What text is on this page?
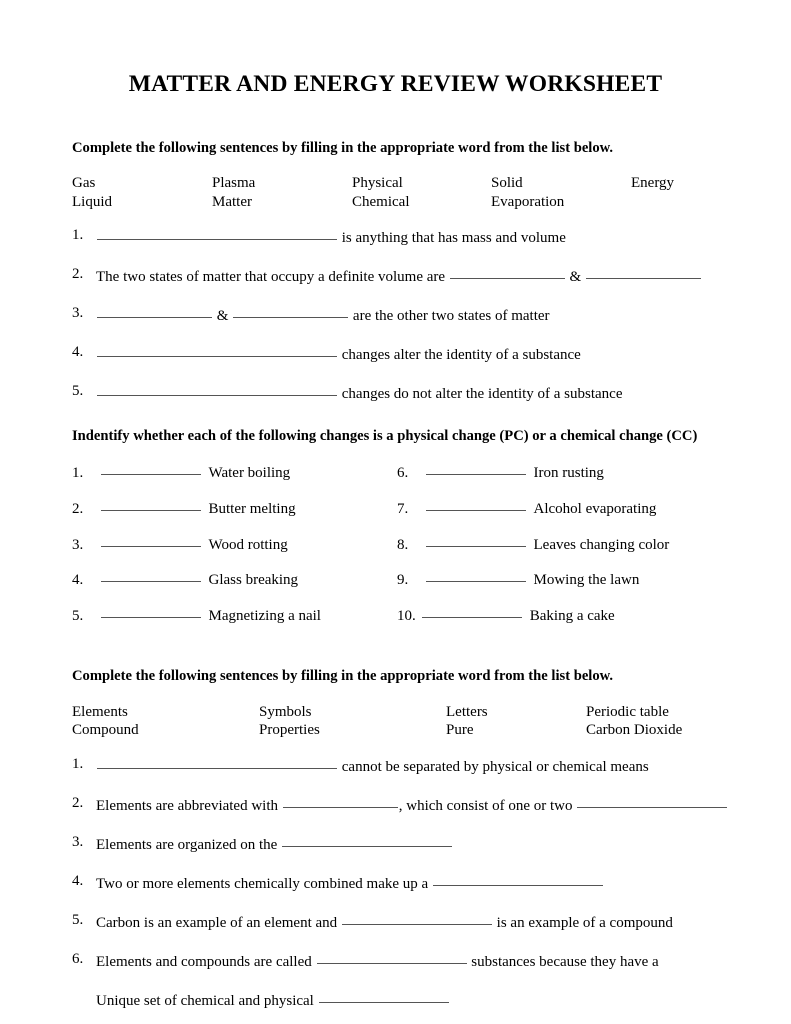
MATTER AND ENERGY REVIEW WORKSHEET

Complete the following sentences by filling in the appropriate word from the list below.

Gas	Plasma	Physical	Solid	Energy
Liquid	Matter	Chemical	Evaporation
1.	is anything that has mass and volume
2. The two states of matter that occupy a definite volume are	&
3.	&	are the other two states of matter
4.	changes alter the identity of a substance
5.	changes do not alter the identity of a substance

Indentify whether each of the following changes is a physical change (PC) or a chemical change (CC)

1.	Water boiling	6.	Iron rusting
2.	Butter melting	7.	Alcohol evaporating
3.	Wood rotting	8.	Leaves changing color
4.	Glass breaking	9.	Mowing the lawn
5.	Magnetizing a nail	10.	Baking a cake

Complete the following sentences by filling in the appropriate word from the list below.

Elements	Symbols	Letters	Periodic table
Compound	Properties	Pure	Carbon Dioxide
1.	cannot be separated by physical or chemical means
2. Elements are abbreviated with	, which consist of one or two
3. Elements are organized on the
4. Two or more elements chemically combined make up a
5. Carbon is an example of an element and	is an example of a compound
6. Elements and compounds are called	substances because they have a
Unique set of chemical and physical
